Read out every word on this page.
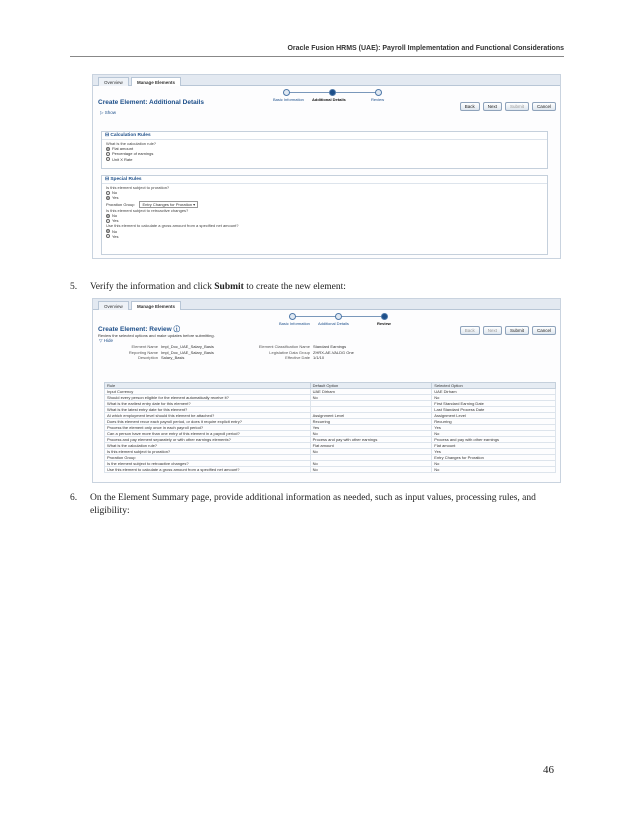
Oracle Fusion HRMS (UAE): Payroll Implementation and Functional Considerations
Overview	Manage Elements
Basic Information Additional Details	Review
Create Element: Additional Details
▷ Show
Back	Next	Submit	Cancel
⊟ Calculation Rules
What is the calculation rule?
Flat amount
Percentage of earnings
Unit X Rate
⊟ Special Rules
Is this element subject to proration?
No
Yes
Proration Group	Entry Changes for Proration ▾
Is this element subject to retroactive changes?
No
Yes
Use this element to calculate a gross amount from a specified net amount?
No
Yes
5. Verify the information and click Submit to create the new element:
Overview	Manage Elements
Basic Information Additional Details	Review
Create Element: Review ⓘ
Review the selected options and make updates before submitting.
▽ Hide
Back	Next	Submit	Cancel
Element Name Impl_Doc_UAE_Salary_Basis	Element Classification Name Standard Earnings
Reporting Name Impl_Doc_UAE_Salary_Basis	Legislative Data Group ZHRX-AE-VALDG One
Description Salary_Basis	Effective Date 1/1/10
Rule	Default Option	Selected Option
Input Currency	UAE Dirham	UAE Dirham
Should every person eligible for the element automatically receive it?	No	No
What is the earliest entry date for this element?		First Standard Earning Date
What is the latest entry date for this element?		Last Standard Process Date
At which employment level should this element be attached?	Assignment Level	Assignment Level
Does this element recur each payroll period, or does it require explicit entry?	Recurring	Recurring
Process the element only once in each payroll period?	Yes	Yes
Can a person have more than one entry of this element in a payroll period?	No	No
Process and pay element separately or with other earnings elements?	Process and pay with other earnings	Process and pay with other earnings
What is the calculation rule?	Flat amount	Flat amount
Is this element subject to proration?	No	Yes
Proration Group		Entry Changes for Proration
Is the element subject to retroactive changes?	No	No
Use this element to calculate a gross amount from a specified net amount?	No	No
6. On the Element Summary page, provide additional information as needed, such as input values, processing rules, and eligibility:
46
